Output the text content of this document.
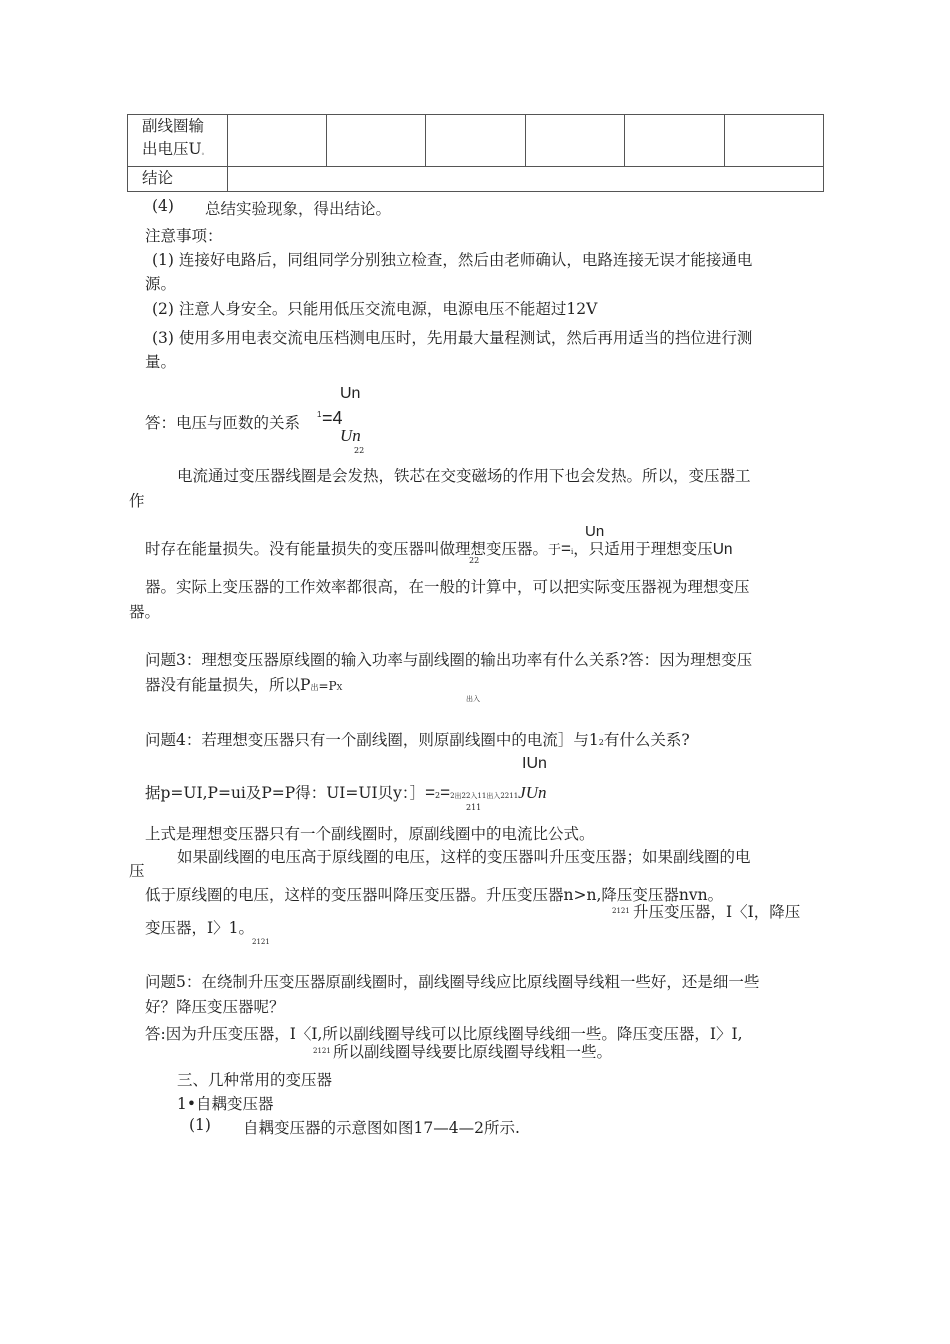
副线圈输
出电压U。						

结论						
(4) 总结实验现象，得出结论。
注意事项：
(1) 连接好电路后，同组同学分别独立检查，然后由老师确认，电路连接无误才能接通电
源。
(2) 注意人身安全。只能用低压交流电源，电源电压不能超过12V
(3) 使用多用电表交流电压档测电压时，先用最大量程测试，然后再用适当的挡位进行测
量。
Un
答：电压与匝数的关系 1 =4
Un
22
电流通过变压器线圈是会发热，铁芯在交变磁场的作用下也会发热。所以，变压器工
作
Un
时存在能量损失。没有能量损失的变压器叫做理想变压器。于=i，只适用于理想变压Un
22
器。实际上变压器的工作效率都很高，在一般的计算中，可以把实际变压器视为理想变压
器。
问题3：理想变压器原线圈的输入功率与副线圈的输出功率有什么关系?答：因为理想变压
器没有能量损失，所以P出=PX
出入
问题4：若理想变压器只有一个副线圈，则原副线圈中的电流］与12有什么关系?
IUn
据p=UI,P=ui及P=P得：UI=UI贝y：］=2=2出22入11出入2211JUn
211
上式是理想变压器只有一个副线圈时，原副线圈中的电流比公式。
如果副线圈的电压高于原线圈的电压，这样的变压器叫升压变压器；如果副线圈的电
压
低于原线圈的电压，这样的变压器叫降压变压器。升压变压器n>n,降压变压器nvn。
2121 升压变压器，I〈I，降压
变压器，I〉1。
2121
问题5：在绕制升压变压器原副线圈时，副线圈导线应比原线圈导线粗一些好，还是细一些
好？降压变压器呢？
答:因为升压变压器，I〈I,所以副线圈导线可以比原线圈导线细一些。降压变压器，I〉I,
2121 所以副线圈导线要比原线圈导线粗一些。
三、几种常用的变压器
1•自耦变压器
(1) 自耦变压器的示意图如图17—4—2所示.
